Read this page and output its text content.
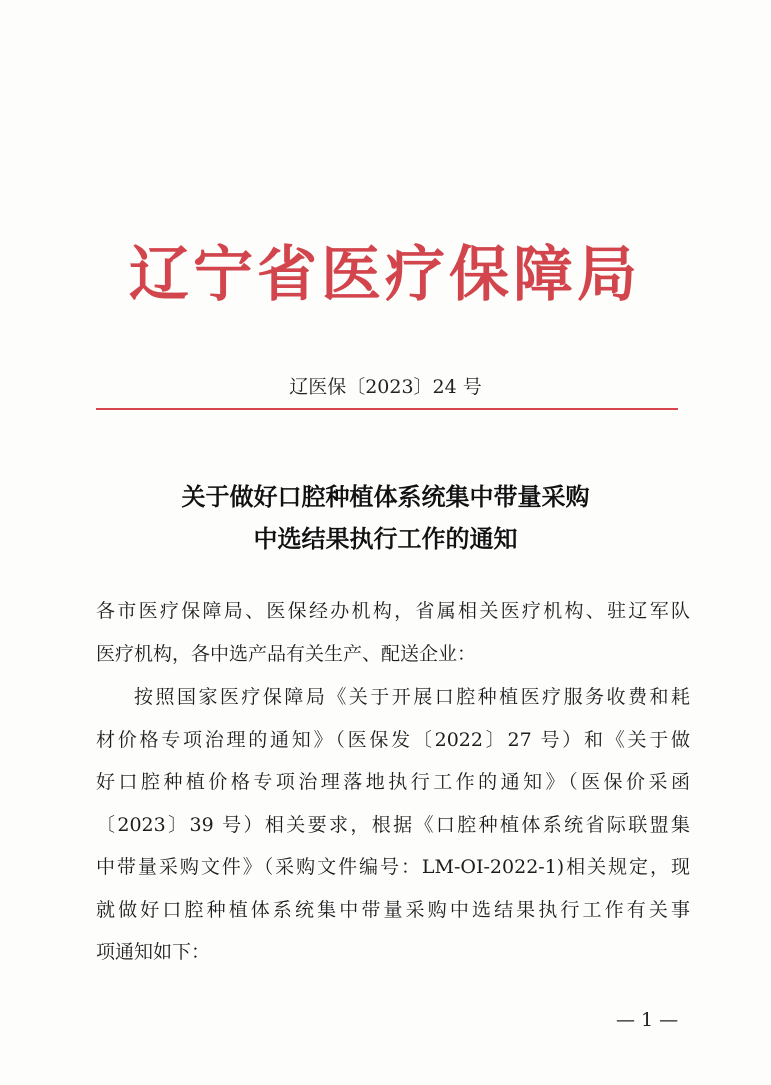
辽宁省医疗保障局
辽医保〔2023〕24 号
关于做好口腔种植体系统集中带量采购
中选结果执行工作的通知
各市医疗保障局、医保经办机构，省属相关医疗机构、驻辽军队
医疗机构，各中选产品有关生产、配送企业：
按照国家医疗保障局《关于开展口腔种植医疗服务收费和耗
材价格专项治理的通知》（医保发〔2022〕27 号）和《关于做
好口腔种植价格专项治理落地执行工作的通知》（医保价采函
〔2023〕39 号）相关要求，根据《口腔种植体系统省际联盟集
中带量采购文件》（采购文件编号：LM-OI-2022-1)相关规定，现
就做好口腔种植体系统集中带量采购中选结果执行工作有关事
项通知如下：
— 1 —
